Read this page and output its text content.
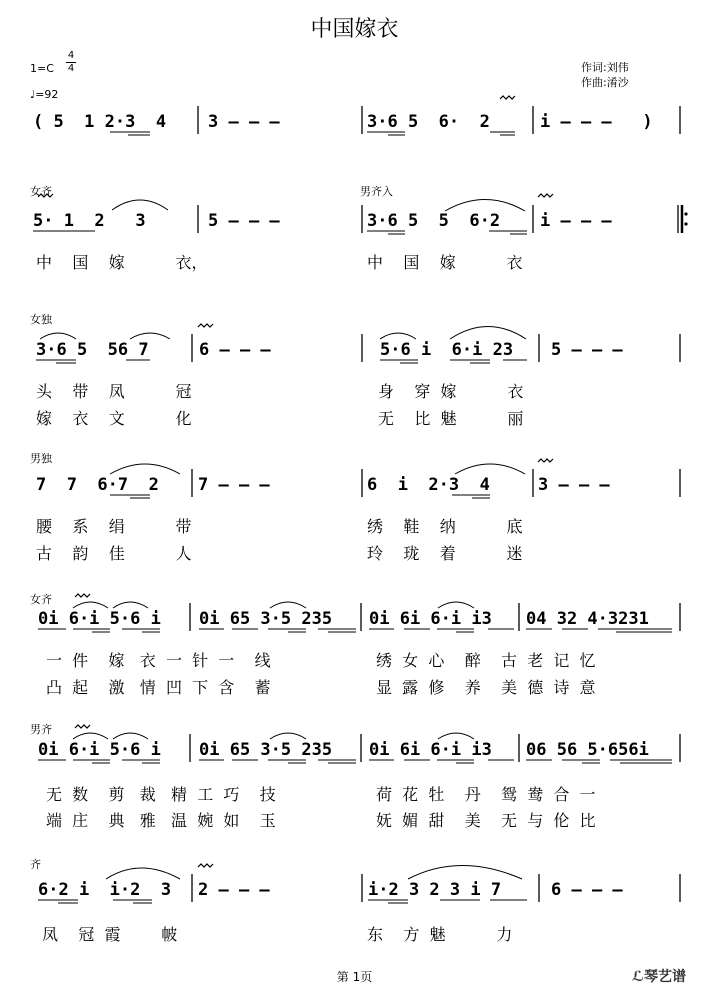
中国嫁衣
1=C
4
4
♩=92
作词:刘伟
作曲:淆沙
( 5  1 2·3  4 3 – – –	3·6 5  6·  2	i – – –   )
女齐	男齐入
5· 1  2   3	5 – – –	3·6 5  5  6·2 i – – –
中    国    嫁          衣，	中    国    嫁          衣
女独
3·6 5  56 7	6 – – –	5·6 i  6·i 23 5 – – –
头    带    凤          冠	身    穿  嫁          衣
嫁    衣    文          化	无    比  魅          丽
男独
7  7  6·7  2 7 – – –	6  i  2·3  4	3 – – –
腰    系    绢          带	绣    鞋    纳          底
古    韵    佳          人	玲    珑    着          迷
女齐
0i 6·i 5·6 i 0i 65 3·5 235 0i 6i 6·i i3 04 32 4·3231
一  件    嫁   衣  一  针  一    线	绣  女  心    醉    古  老  记  忆
凸  起    激   情  凹  下  含    蓄	显  露  修    养    美  德  诗  意
男齐
0i 6·i 5·6 i 0i 65 3·5 235 0i 6i 6·i i3 06 56 5·656i
无  数    剪   裁   精  工  巧    技	荷  花  牡    丹    鸳  鸯  合  一
端  庄    典   雅   温  婉  如    玉	妩  媚  甜    美    无  与  伦  比
齐
6·2 i  i·2  3 2 – – –	i·2 3 2 3 i 7	6 – – –
凤    冠  霞        帔	东    方  魅          力
第 1页	ℒ琴艺谱
